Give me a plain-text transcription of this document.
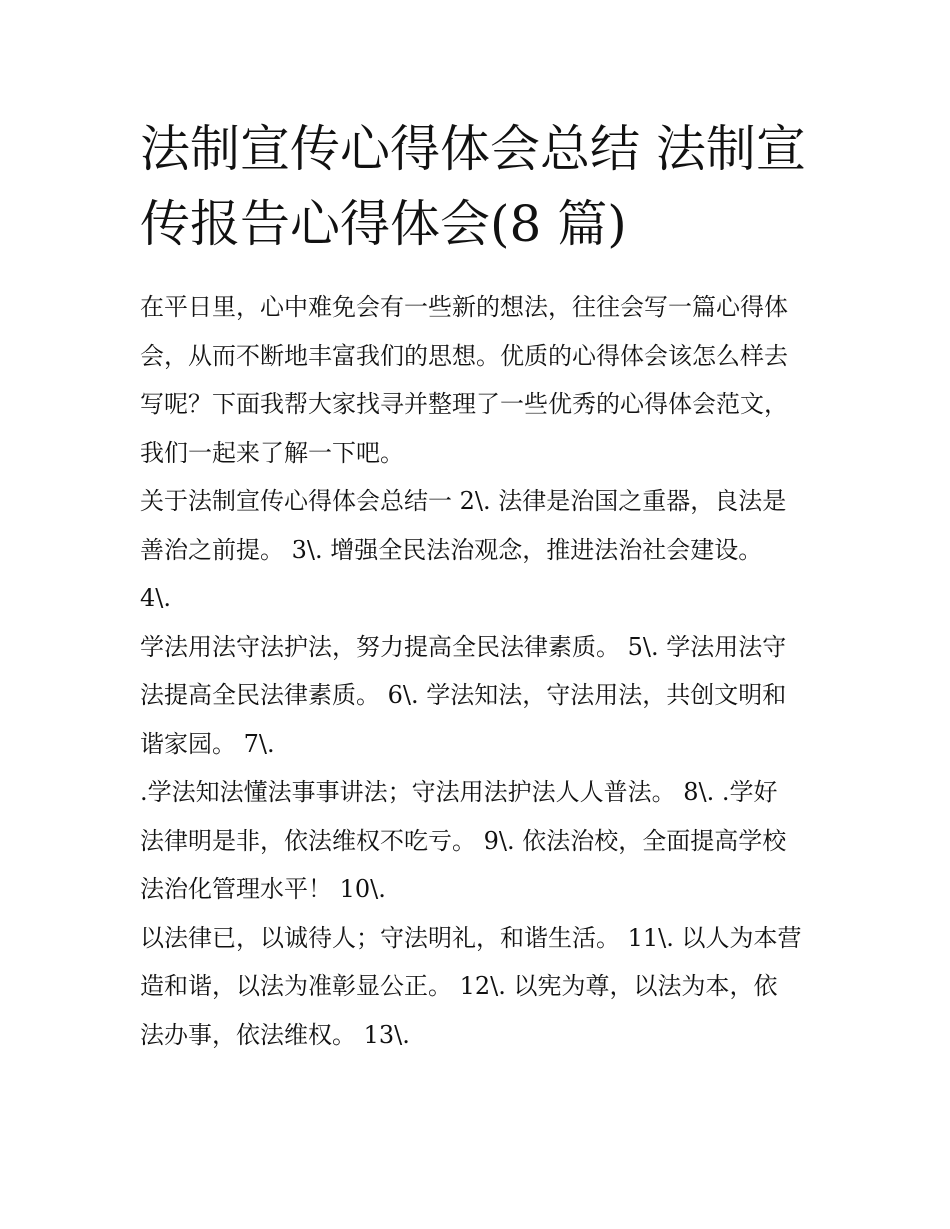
法制宣传心得体会总结 法制宣
传报告心得体会(8 篇)

在平日里，心中难免会有一些新的想法，往往会写一篇心得体
会，从而不断地丰富我们的思想。优质的心得体会该怎么样去
写呢？下面我帮大家找寻并整理了一些优秀的心得体会范文，
我们一起来了解一下吧。

关于法制宣传心得体会总结一 2\. 法律是治国之重器，良法是
善治之前提。 3\. 增强全民法治观念，推进法治社会建设。
4\.

学法用法守法护法，努力提高全民法律素质。 5\. 学法用法守
法提高全民法律素质。 6\. 学法知法，守法用法，共创文明和
谐家园。 7\.

.学法知法懂法事事讲法；守法用法护法人人普法。 8\. .学好
法律明是非，依法维权不吃亏。 9\. 依法治校，全面提高学校
法治化管理水平！ 10\.

以法律已，以诚待人；守法明礼，和谐生活。 11\. 以人为本营
造和谐，以法为准彰显公正。 12\. 以宪为尊，以法为本，依
法办事，依法维权。 13\.
